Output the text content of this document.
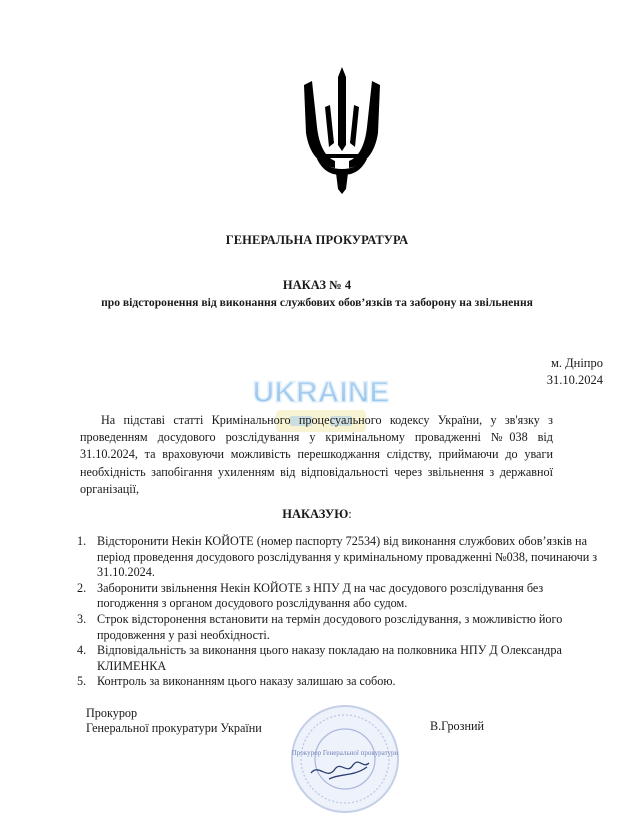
ГЕНЕРАЛЬНА ПРОКУРАТУРА
НАКАЗ № 4
про відсторонення від виконання службових обов’язків та заборону на звільнення
м. Дніпро
31.10.2024
UKRAINE

На підставі статті Кримінального процесуального кодексу України, у зв'язку з проведенням досудового розслідування у кримінальному провадженні №038 від 31.10.2024, та враховуючи можливість перешкоджання слідству, приймаючи до уваги необхідність запобігання ухиленням від відповідальності через звільнення з державної організації,

НАКАЗУЮ:
1. Відсторонити Некін КОЙОТЕ (номер паспорту 72534) від виконання службових обов’язків на період проведення досудового розслідування у кримінальному провадженні №038, починаючи з 31.10.2024.
2. Заборонити звільнення Некін КОЙОТЕ з НПУ Д на час досудового розслідування без погодження з органом досудового розслідування або судом.
3. Строк відсторонення встановити на термін досудового розслідування, з можливістю його продовження у разі необхідності.
4. Відповідальність за виконання цього наказу покладаю на полковника НПУ Д Олександра КЛИМЕНКА
5. Контроль за виконанням цього наказу залишаю за собою.
Прокурор
Генеральної прокуратури України
Прокурор Генеральної прокуратури
В.Грозний
